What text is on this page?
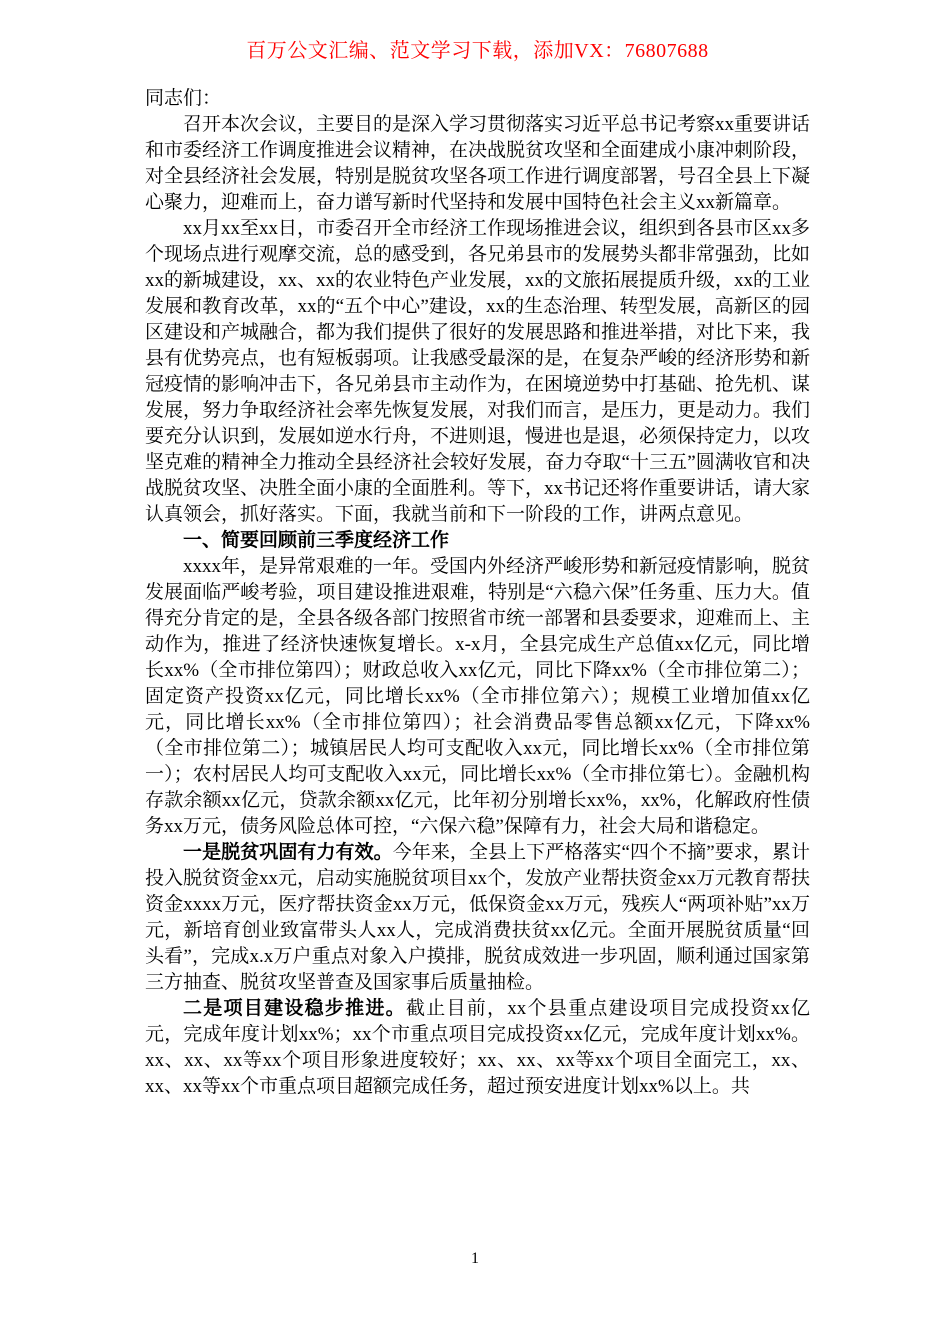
百万公文汇编、范文学习下载，添加VX：76807688

同志们：

召开本次会议，主要目的是深入学习贯彻落实习近平总书记考察xx重要讲话和市委经济工作调度推进会议精神，在决战脱贫攻坚和全面建成小康冲刺阶段，对全县经济社会发展，特别是脱贫攻坚各项工作进行调度部署，号召全县上下凝心聚力，迎难而上，奋力谱写新时代坚持和发展中国特色社会主义xx新篇章。

xx月xx至xx日，市委召开全市经济工作现场推进会议，组织到各县市区xx多个现场点进行观摩交流，总的感受到，各兄弟县市的发展势头都非常强劲，比如xx的新城建设，xx、xx的农业特色产业发展，xx的文旅拓展提质升级，xx的工业发展和教育改革，xx的“五个中心”建设，xx的生态治理、转型发展，高新区的园区建设和产城融合，都为我们提供了很好的发展思路和推进举措，对比下来，我县有优势亮点，也有短板弱项。让我感受最深的是，在复杂严峻的经济形势和新冠疫情的影响冲击下，各兄弟县市主动作为，在困境逆势中打基础、抢先机、谋发展，努力争取经济社会率先恢复发展，对我们而言，是压力，更是动力。我们要充分认识到，发展如逆水行舟，不进则退，慢进也是退，必须保持定力，以攻坚克难的精神全力推动全县经济社会较好发展，奋力夺取“十三五”圆满收官和决战脱贫攻坚、决胜全面小康的全面胜利。等下，xx书记还将作重要讲话，请大家认真领会，抓好落实。下面，我就当前和下一阶段的工作，讲两点意见。

一、简要回顾前三季度经济工作

xxxx年，是异常艰难的一年。受国内外经济严峻形势和新冠疫情影响，脱贫发展面临严峻考验，项目建设推进艰难，特别是“六稳六保”任务重、压力大。值得充分肯定的是，全县各级各部门按照省市统一部署和县委要求，迎难而上、主动作为，推进了经济快速恢复增长。x-x月，全县完成生产总值xx亿元，同比增长xx%（全市排位第四）；财政总收入xx亿元，同比下降xx%（全市排位第二）；固定资产投资xx亿元，同比增长xx%（全市排位第六）；规模工业增加值xx亿元，同比增长xx%（全市排位第四）；社会消费品零售总额xx亿元，下降xx%（全市排位第二）；城镇居民人均可支配收入xx元，同比增长xx%（全市排位第一）；农村居民人均可支配收入xx元，同比增长xx%（全市排位第七）。金融机构存款余额xx亿元，贷款余额xx亿元，比年初分别增长xx%，xx%，化解政府性债务xx万元，债务风险总体可控，“六保六稳”保障有力，社会大局和谐稳定。

一是脱贫巩固有力有效。今年来，全县上下严格落实“四个不摘”要求，累计投入脱贫资金xx元，启动实施脱贫项目xx个，发放产业帮扶资金xx万元教育帮扶资金xxxx万元，医疗帮扶资金xx万元，低保资金xx万元，残疾人“两项补贴”xx万元，新培育创业致富带头人xx人，完成消费扶贫xx亿元。全面开展脱贫质量“回头看”，完成x.x万户重点对象入户摸排，脱贫成效进一步巩固，顺利通过国家第三方抽查、脱贫攻坚普查及国家事后质量抽检。

二是项目建设稳步推进。截止目前，xx个县重点建设项目完成投资xx亿元，完成年度计划xx%；xx个市重点项目完成投资xx亿元，完成年度计划xx%。xx、xx、xx等xx个项目形象进度较好；xx、xx、xx等xx个项目全面完工，xx、xx、xx等xx个市重点项目超额完成任务，超过预安进度计划xx%以上。共

1
